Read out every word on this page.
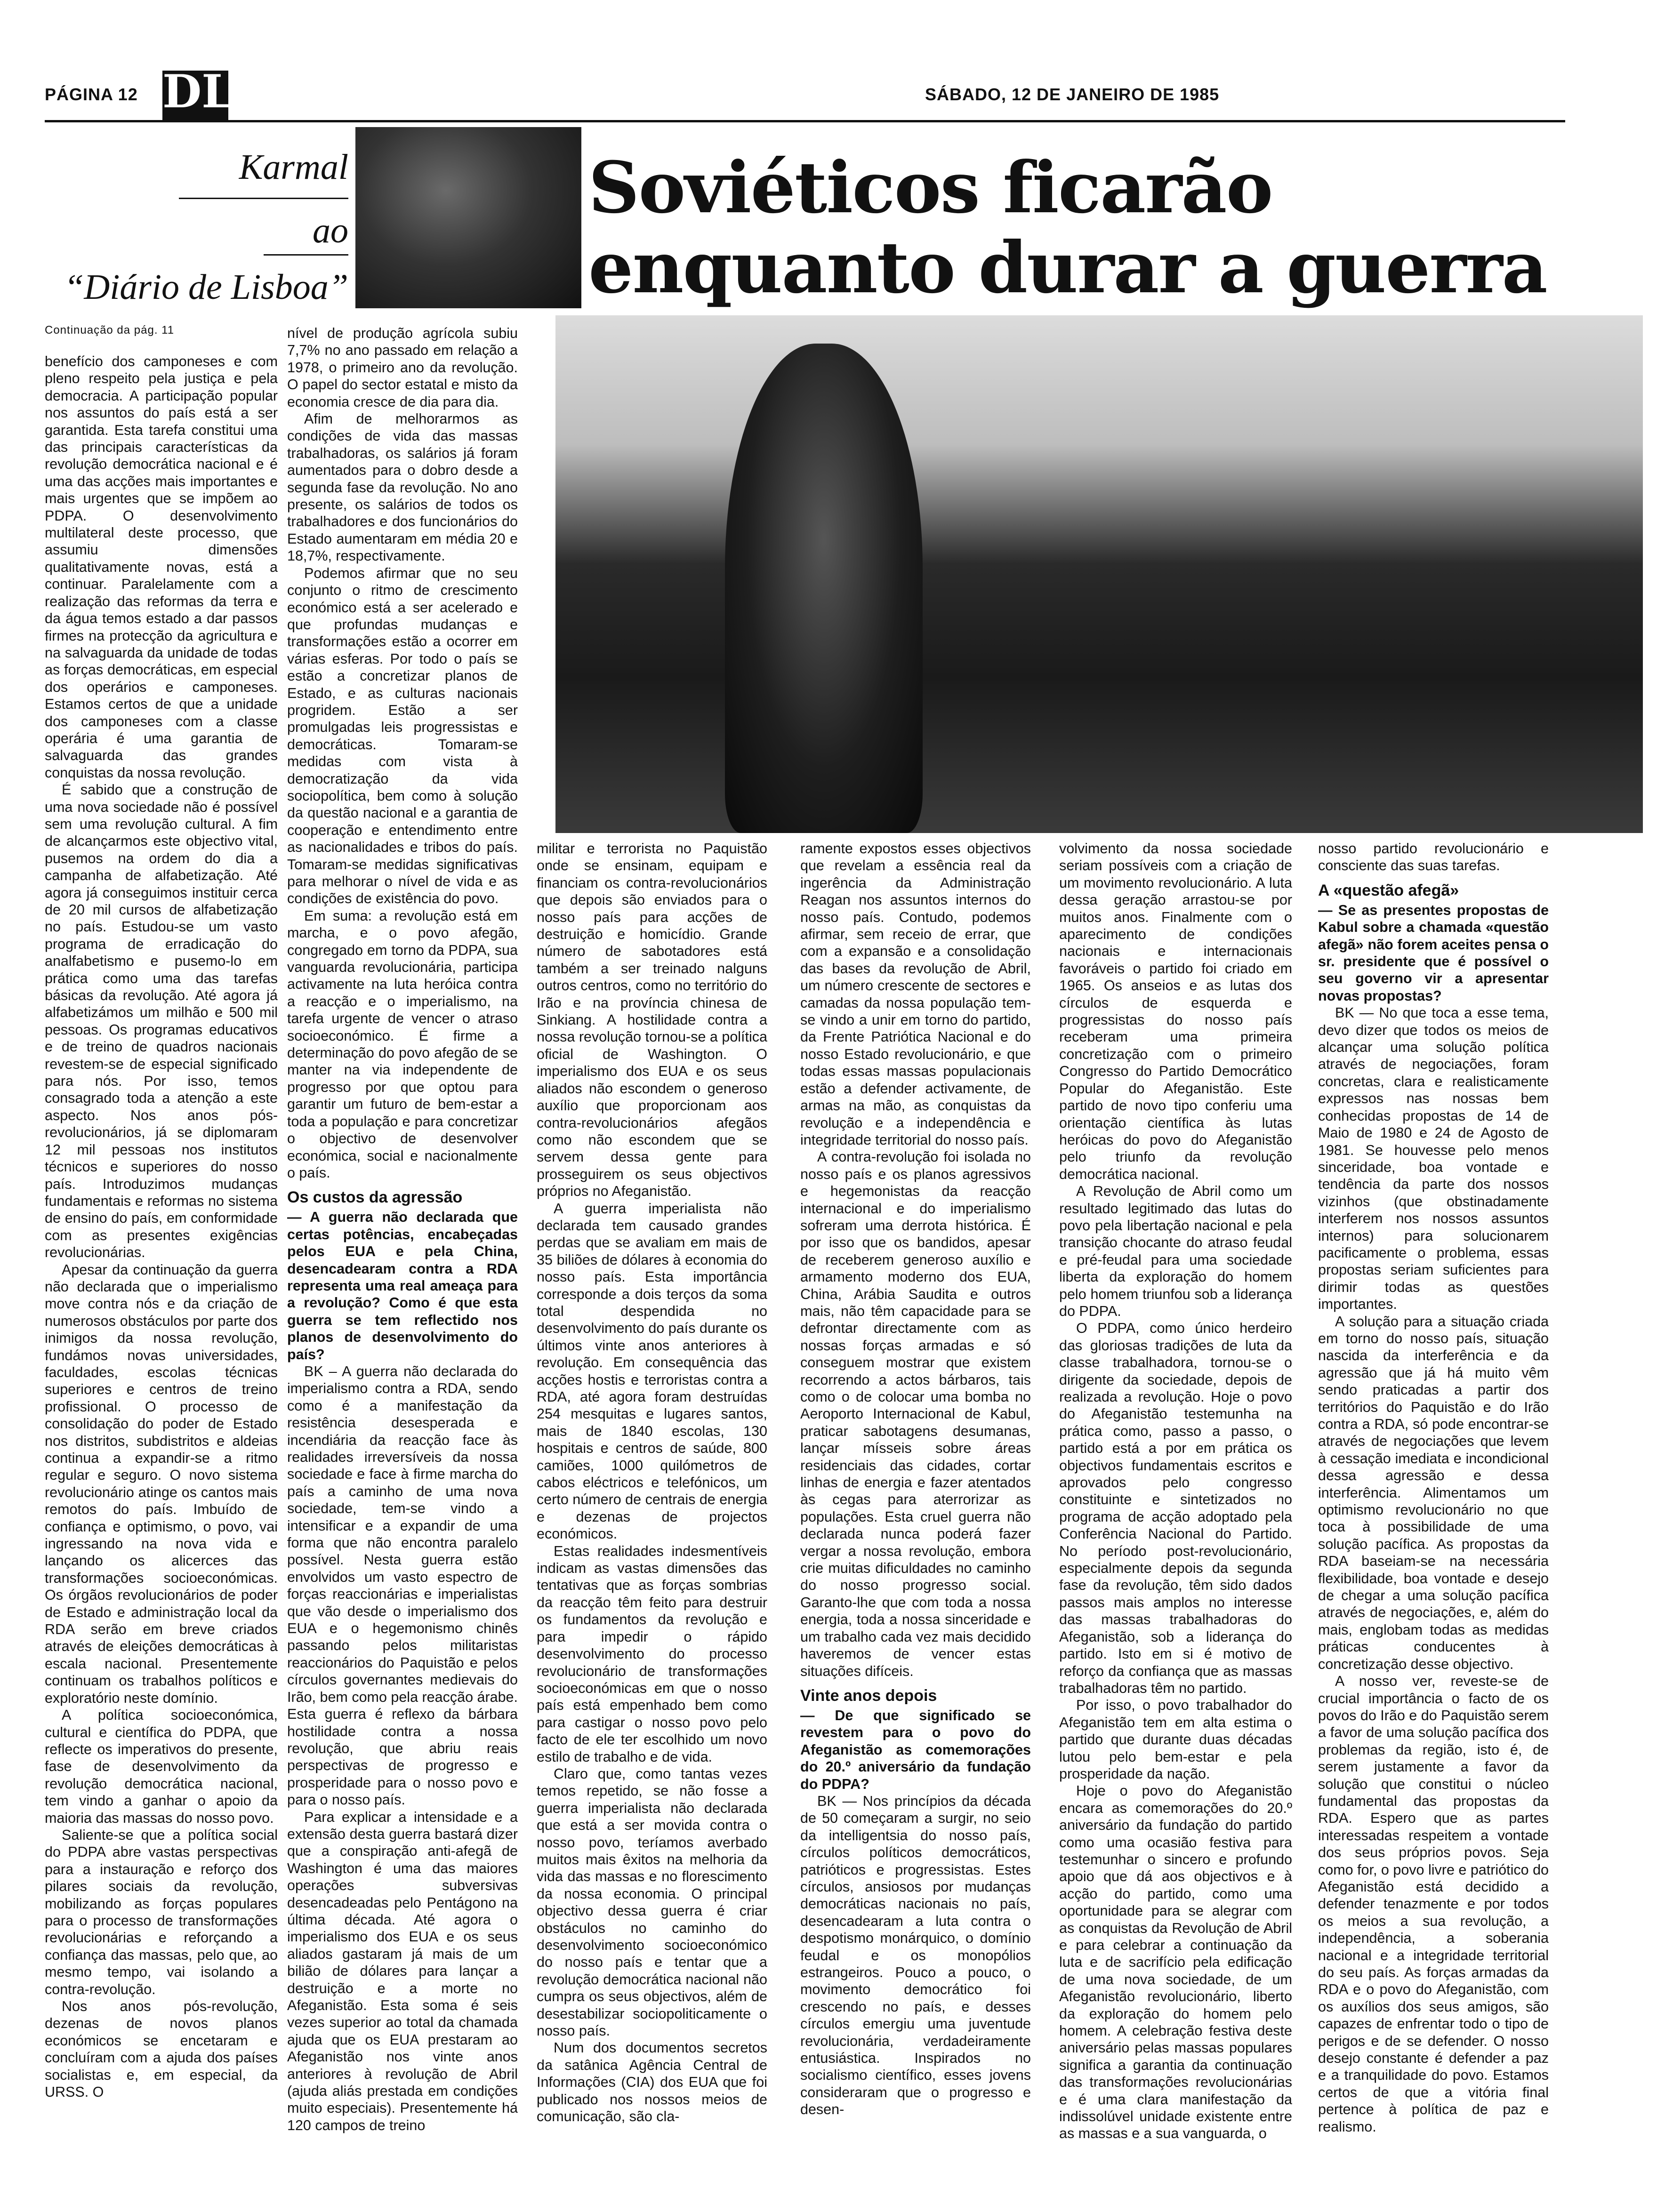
PÁGINA 12 DL	SÁBADO, 12 DE JANEIRO DE 1985
Karmal
ao
“Diário de Lisboa”
Soviéticos ficarão
enquanto durar a guerra
Continuação da pág. 11

benefício dos camponeses e com pleno respeito pela justiça e pela democracia. A participação popular nos assuntos do país está a ser garantida. Esta tarefa constitui uma das principais características da revolução democrática nacional e é uma das acções mais importantes e mais urgentes que se impõem ao PDPA. O desenvolvimento multilateral deste processo, que assumiu dimensões qualitativamente novas, está a continuar. Paralelamente com a realização das reformas da terra e da água temos estado a dar passos firmes na protecção da agricultura e na salvaguarda da unidade de todas as forças democráticas, em especial dos operários e camponeses. Estamos certos de que a unidade dos camponeses com a classe operária é uma garantia de salvaguarda das grandes conquistas da nossa revolução.

É sabido que a construção de uma nova sociedade não é possível sem uma revolução cultural. A fim de alcançarmos este objectivo vital, pusemos na ordem do dia a campanha de alfabetização. Até agora já conseguimos instituir cerca de 20 mil cursos de alfabetização no país. Estudou-se um vasto programa de erradicação do analfabetismo e pusemo-lo em prática como uma das tarefas básicas da revolução. Até agora já alfabetizámos um milhão e 500 mil pessoas. Os programas educativos e de treino de quadros nacionais revestem-se de especial significado para nós. Por isso, temos consagrado toda a atenção a este aspecto. Nos anos pós-revolucionários, já se diplomaram 12 mil pessoas nos institutos técnicos e superiores do nosso país. Introduzimos mudanças fundamentais e reformas no sistema de ensino do país, em conformidade com as presentes exigências revolucionárias.

Apesar da continuação da guerra não declarada que o imperialismo move contra nós e da criação de numerosos obstáculos por parte dos inimigos da nossa revolução, fundámos novas universidades, faculdades, escolas técnicas superiores e centros de treino profissional. O processo de consolidação do poder de Estado nos distritos, subdistritos e aldeias continua a expandir-se a ritmo regular e seguro. O novo sistema revolucionário atinge os cantos mais remotos do país. Imbuído de confiança e optimismo, o povo, vai ingressando na nova vida e lançando os alicerces das transformações socioeconómicas. Os órgãos revolucionários de poder de Estado e administração local da RDA serão em breve criados através de eleições democráticas à escala nacional. Presentemente continuam os trabalhos políticos e exploratório neste domínio.

A política socioeconómica, cultural e científica do PDPA, que reflecte os imperativos do presente, fase de desenvolvimento da revolução democrática nacional, tem vindo a ganhar o apoio da maioria das massas do nosso povo.

Saliente-se que a política social do PDPA abre vastas perspectivas para a instauração e reforço dos pilares sociais da revolução, mobilizando as forças populares para o processo de transformações revolucionárias e reforçando a confiança das massas, pelo que, ao mesmo tempo, vai isolando a contra-revolução.

Nos anos pós-revolução, dezenas de novos planos económicos se encetaram e concluíram com a ajuda dos países socialistas e, em especial, da URSS. O

nível de produção agrícola subiu 7,7% no ano passado em relação a 1978, o primeiro ano da revolução. O papel do sector estatal e misto da economia cresce de dia para dia.

Afim de melhorarmos as condições de vida das massas trabalhadoras, os salários já foram aumentados para o dobro desde a segunda fase da revolução. No ano presente, os salários de todos os trabalhadores e dos funcionários do Estado aumentaram em média 20 e 18,7%, respectivamente.

Podemos afirmar que no seu conjunto o ritmo de crescimento económico está a ser acelerado e que profundas mudanças e transformações estão a ocorrer em várias esferas. Por todo o país se estão a concretizar planos de Estado, e as culturas nacionais progridem. Estão a ser promulgadas leis progressistas e democráticas. Tomaram-se medidas com vista à democratização da vida sociopolítica, bem como à solução da questão nacional e a garantia de cooperação e entendimento entre as nacionalidades e tribos do país. Tomaram-se medidas significativas para melhorar o nível de vida e as condições de existência do povo.

Em suma: a revolução está em marcha, e o povo afegão, congregado em torno da PDPA, sua vanguarda revolucionária, participa activamente na luta heróica contra a reacção e o imperialismo, na tarefa urgente de vencer o atraso socioeconómico. É firme a determinação do povo afegão de se manter na via independente de progresso por que optou para garantir um futuro de bem-estar a toda a população e para concretizar o objectivo de desenvolver económica, social e nacionalmente o país.

Os custos da agressão

— A guerra não declarada que certas potências, encabeçadas pelos EUA e pela China, desencadearam contra a RDA representa uma real ameaça para a revolução? Como é que esta guerra se tem reflectido nos planos de desenvolvimento do país?

BK – A guerra não declarada do imperialismo contra a RDA, sendo como é a manifestação da resistência desesperada e incendiária da reacção face às realidades irreversíveis da nossa sociedade e face à firme marcha do país a caminho de uma nova sociedade, tem-se vindo a intensificar e a expandir de uma forma que não encontra paralelo possível. Nesta guerra estão envolvidos um vasto espectro de forças reaccionárias e imperialistas que vão desde o imperialismo dos EUA e o hegemonismo chinês passando pelos militaristas reaccionários do Paquistão e pelos círculos governantes medievais do Irão, bem como pela reacção árabe. Esta guerra é reflexo da bárbara hostilidade contra a nossa revolução, que abriu reais perspectivas de progresso e prosperidade para o nosso povo e para o nosso país.

Para explicar a intensidade e a extensão desta guerra bastará dizer que a conspiração anti-afegã de Washington é uma das maiores operações subversivas desencadeadas pelo Pentágono na última década. Até agora o imperialismo dos EUA e os seus aliados gastaram já mais de um bilião de dólares para lançar a destruição e a morte no Afeganistão. Esta soma é seis vezes superior ao total da chamada ajuda que os EUA prestaram ao Afeganistão nos vinte anos anteriores à revolução de Abril (ajuda aliás prestada em condições muito especiais). Presentemente há 120 campos de treino

militar e terrorista no Paquistão onde se ensinam, equipam e financiam os contra-revolucionários que depois são enviados para o nosso país para acções de destruição e homicídio. Grande número de sabotadores está também a ser treinado nalguns outros centros, como no território do Irão e na província chinesa de Sinkiang. A hostilidade contra a nossa revolução tornou-se a política oficial de Washington. O imperialismo dos EUA e os seus aliados não escondem o generoso auxílio que proporcionam aos contra-revolucionários afegãos como não escondem que se servem dessa gente para prosseguirem os seus objectivos próprios no Afeganistão.

A guerra imperialista não declarada tem causado grandes perdas que se avaliam em mais de 35 biliões de dólares à economia do nosso país. Esta importância corresponde a dois terços da soma total despendida no desenvolvimento do país durante os últimos vinte anos anteriores à revolução. Em consequência das acções hostis e terroristas contra a RDA, até agora foram destruídas 254 mesquitas e lugares santos, mais de 1840 escolas, 130 hospitais e centros de saúde, 800 camiões, 1000 quilómetros de cabos eléctricos e telefónicos, um certo número de centrais de energia e dezenas de projectos económicos.

Estas realidades indesmentíveis indicam as vastas dimensões das tentativas que as forças sombrias da reacção têm feito para destruir os fundamentos da revolução e para impedir o rápido desenvolvimento do processo revolucionário de transformações socioeconómicas em que o nosso país está empenhado bem como para castigar o nosso povo pelo facto de ele ter escolhido um novo estilo de trabalho e de vida.

Claro que, como tantas vezes temos repetido, se não fosse a guerra imperialista não declarada que está a ser movida contra o nosso povo, teríamos averbado muitos mais êxitos na melhoria da vida das massas e no florescimento da nossa economia. O principal objectivo dessa guerra é criar obstáculos no caminho do desenvolvimento socioeconómico do nosso país e tentar que a revolução democrática nacional não cumpra os seus objectivos, além de desestabilizar sociopoliticamente o nosso país.

Num dos documentos secretos da satânica Agência Central de Informações (CIA) dos EUA que foi publicado nos nossos meios de comunicação, são cla-

ramente expostos esses objectivos que revelam a essência real da ingerência da Administração Reagan nos assuntos internos do nosso país. Contudo, podemos afirmar, sem receio de errar, que com a expansão e a consolidação das bases da revolução de Abril, um número crescente de sectores e camadas da nossa população tem-se vindo a unir em torno do partido, da Frente Patriótica Nacional e do nosso Estado revolucionário, e que todas essas massas populacionais estão a defender activamente, de armas na mão, as conquistas da revolução e a independência e integridade territorial do nosso país.

A contra-revolução foi isolada no nosso país e os planos agressivos e hegemonistas da reacção internacional e do imperialismo sofreram uma derrota histórica. É por isso que os bandidos, apesar de receberem generoso auxílio e armamento moderno dos EUA, China, Arábia Saudita e outros mais, não têm capacidade para se defrontar directamente com as nossas forças armadas e só conseguem mostrar que existem recorrendo a actos bárbaros, tais como o de colocar uma bomba no Aeroporto Internacional de Kabul, praticar sabotagens desumanas, lançar mísseis sobre áreas residenciais das cidades, cortar linhas de energia e fazer atentados às cegas para aterrorizar as populações. Esta cruel guerra não declarada nunca poderá fazer vergar a nossa revolução, embora crie muitas dificuldades no caminho do nosso progresso social. Garanto-lhe que com toda a nossa energia, toda a nossa sinceridade e um trabalho cada vez mais decidido haveremos de vencer estas situações difíceis.

Vinte anos depois

— De que significado se revestem para o povo do Afeganistão as comemorações do 20.º aniversário da fundação do PDPA?

BK — Nos princípios da década de 50 começaram a surgir, no seio da intelligentsia do nosso país, círculos políticos democráticos, patrióticos e progressistas. Estes círculos, ansiosos por mudanças democráticas nacionais no país, desencadearam a luta contra o despotismo monárquico, o domínio feudal e os monopólios estrangeiros. Pouco a pouco, o movimento democrático foi crescendo no país, e desses círculos emergiu uma juventude revolucionária, verdadeiramente entusiástica. Inspirados no socialismo científico, esses jovens consideraram que o progresso e desen-

volvimento da nossa sociedade seriam possíveis com a criação de um movimento revolucionário. A luta dessa geração arrastou-se por muitos anos. Finalmente com o aparecimento de condições nacionais e internacionais favoráveis o partido foi criado em 1965. Os anseios e as lutas dos círculos de esquerda e progressistas do nosso país receberam uma primeira concretização com o primeiro Congresso do Partido Democrático Popular do Afeganistão. Este partido de novo tipo conferiu uma orientação científica às lutas heróicas do povo do Afeganistão pelo triunfo da revolução democrática nacional.

A Revolução de Abril como um resultado legitimado das lutas do povo pela libertação nacional e pela transição chocante do atraso feudal e pré-feudal para uma sociedade liberta da exploração do homem pelo homem triunfou sob a liderança do PDPA.

O PDPA, como único herdeiro das gloriosas tradições de luta da classe trabalhadora, tornou-se o dirigente da sociedade, depois de realizada a revolução. Hoje o povo do Afeganistão testemunha na prática como, passo a passo, o partido está a por em prática os objectivos fundamentais escritos e aprovados pelo congresso constituinte e sintetizados no programa de acção adoptado pela Conferência Nacional do Partido. No período post-revolucionário, especialmente depois da segunda fase da revolução, têm sido dados passos mais amplos no interesse das massas trabalhadoras do Afeganistão, sob a liderança do partido. Isto em si é motivo de reforço da confiança que as massas trabalhadoras têm no partido.

Por isso, o povo trabalhador do Afeganistão tem em alta estima o partido que durante duas décadas lutou pelo bem-estar e pela prosperidade da nação.

Hoje o povo do Afeganistão encara as comemorações do 20.º aniversário da fundação do partido como uma ocasião festiva para testemunhar o sincero e profundo apoio que dá aos objectivos e à acção do partido, como uma oportunidade para se alegrar com as conquistas da Revolução de Abril e para celebrar a continuação da luta e de sacrifício pela edificação de uma nova sociedade, de um Afeganistão revolucionário, liberto da exploração do homem pelo homem. A celebração festiva deste aniversário pelas massas populares significa a garantia da continuação das transformações revolucionárias e é uma clara manifestação da indissolúvel unidade existente entre as massas e a sua vanguarda, o

nosso partido revolucionário e consciente das suas tarefas.

A «questão afegã»

— Se as presentes propostas de Kabul sobre a chamada «questão afegã» não forem aceites pensa o sr. presidente que é possível o seu governo vir a apresentar novas propostas?

BK — No que toca a esse tema, devo dizer que todos os meios de alcançar uma solução política através de negociações, foram concretas, clara e realisticamente expressos nas nossas bem conhecidas propostas de 14 de Maio de 1980 e 24 de Agosto de 1981. Se houvesse pelo menos sinceridade, boa vontade e tendência da parte dos nossos vizinhos (que obstinadamente interferem nos nossos assuntos internos) para solucionarem pacificamente o problema, essas propostas seriam suficientes para dirimir todas as questões importantes.

A solução para a situação criada em torno do nosso país, situação nascida da interferência e da agressão que já há muito vêm sendo praticadas a partir dos territórios do Paquistão e do Irão contra a RDA, só pode encontrar-se através de negociações que levem à cessação imediata e incondicional dessa agressão e dessa interferência. Alimentamos um optimismo revolucionário no que toca à possibilidade de uma solução pacífica. As propostas da RDA baseiam-se na necessária flexibilidade, boa vontade e desejo de chegar a uma solução pacífica através de negociações, e, além do mais, englobam todas as medidas práticas conducentes à concretização desse objectivo.

A nosso ver, reveste-se de crucial importância o facto de os povos do Irão e do Paquistão serem a favor de uma solução pacífica dos problemas da região, isto é, de serem justamente a favor da solução que constitui o núcleo fundamental das propostas da RDA. Espero que as partes interessadas respeitem a vontade dos seus próprios povos. Seja como for, o povo livre e patriótico do Afeganistão está decidido a defender tenazmente e por todos os meios a sua revolução, a independência, a soberania nacional e a integridade territorial do seu país. As forças armadas da RDA e o povo do Afeganistão, com os auxílios dos seus amigos, são capazes de enfrentar todo o tipo de perigos e de se defender. O nosso desejo constante é defender a paz e a tranquilidade do povo. Estamos certos de que a vitória final pertence à política de paz e realismo.
